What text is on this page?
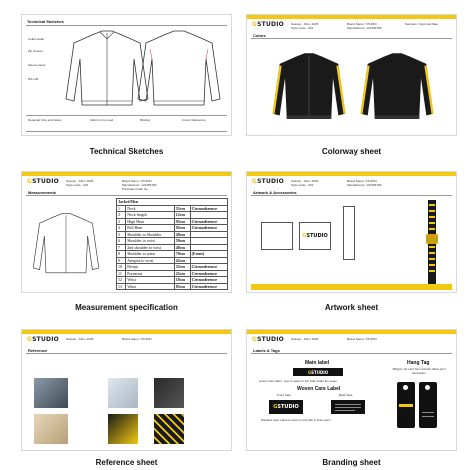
Technical Sketches
Collar detail
Zip closure
Sleeve panel
Rib cuff
Required Size and Notes	Fabric to be used	Binding	Colour Reference
Technical Sketches
GSTUDIO Season - FALL 2025
Style Code - 001
Brand Name: STUDIO
Manufacturer: 123456789
Samples / Approval Date
Colors
Colorway sheet
GSTUDIO Season - FALL 2025
Style Code - 001
Brand Name: STUDIO
Manufacturer: 123456789
Purchase Order No.
Measurements
Jacket/Men			
1	Neck	55cm	Circumference
2	Neck length	12cm	
3	High Hem	95cm	Circumference
4	Full Hem	95cm	Circumference
5	Shoulder to Shoulder	40cm	
6	Shoulder to wrist	59cm	
7	2nd shoulder to wrist	48cm	
8	Shoulder to waist	70cm	(Front)
9	Armpits to wrist	45cm	
10	Biceps	35cm	Circumference
11	Forearms	25cm	Circumference
12	Wrist	18cm	Circumference
13	Waist	85cm	Circumference
Measurement specification
GSTUDIO Season - FALL 2025
Style Code - 001
Brand Name: STUDIO
Manufacturer: 123456789
Artwork & Accessories
GSTUDIO
Artwork sheet
GSTUDIO Season - FALL 2025	Brand Name: STUDIO
Reference
Reference sheet
GSTUDIO Season - FALL 2025	Brand Name: STUDIO
Labels & Tags
Main label
GSTUDIO
woven care label : sew to seam in left side inside the seam
Woven Care Label
Front Side	Back Side
GSTUDIO
Washed Care Label to sewn in left side in side seam
Hang Tag
350gsm art card front & back offset print lamination
Branding sheet
